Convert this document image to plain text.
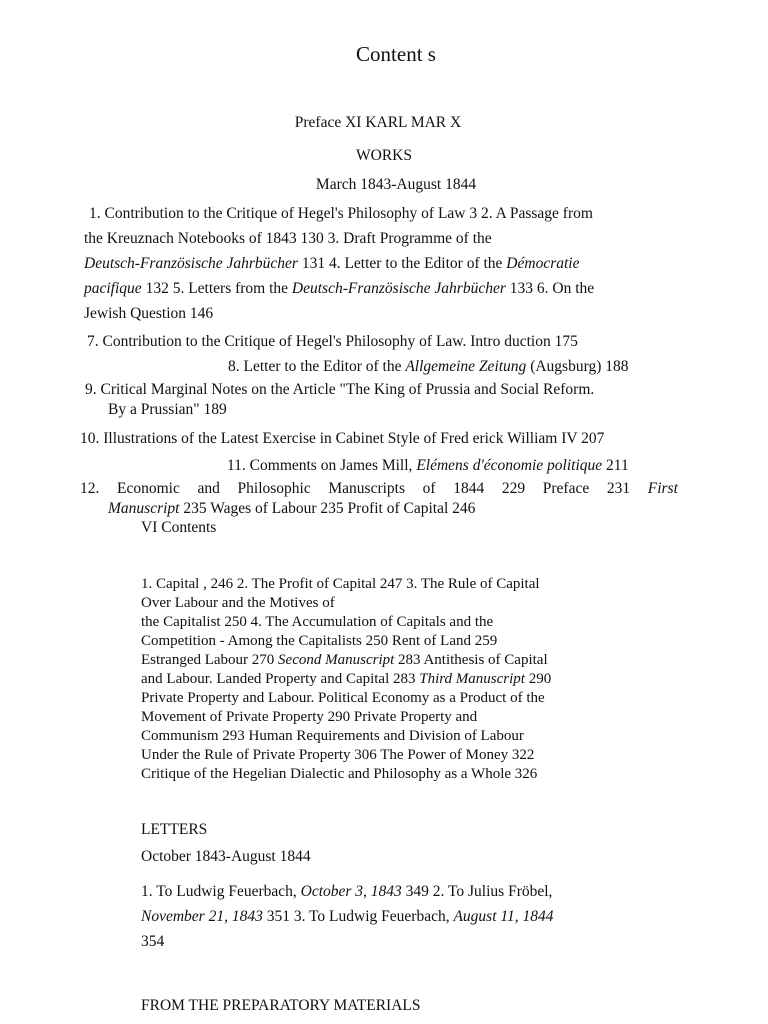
Content s
Preface XI KARL MAR X
WORKS
March 1843-August 1844
1. Contribution to the Critique of Hegel's Philosophy of Law 3 2. A Passage from
the Kreuznach Notebooks of 1843 130 3. Draft Programme of the
Deutsch-Französische Jahrbücher 131 4. Letter to the Editor of the Démocratie
pacifique 132 5. Letters from the Deutsch-Französische Jahrbücher 133 6. On the
Jewish Question 146
7. Contribution to the Critique of Hegel's Philosophy of Law. Intro duction 175
8. Letter to the Editor of the Allgemeine Zeitung (Augsburg) 188
9. Critical Marginal Notes on the Article "The King of Prussia and Social Reform.
By a Prussian" 189
10. Illustrations of the Latest Exercise in Cabinet Style of Fred erick William IV 207
11. Comments on James Mill, Elémens d'économie politique 211
12. Economic and Philosophic Manuscripts of 1844 229 Preface 231 First
Manuscript 235 Wages of Labour 235 Profit of Capital 246
VI Contents
1. Capital , 246 2. The Profit of Capital 247 3. The Rule of Capital
Over Labour and the Motives of
the Capitalist 250 4. The Accumulation of Capitals and the
Competition - Among the Capitalists 250 Rent of Land 259
Estranged Labour 270 Second Manuscript 283 Antithesis of Capital
and Labour. Landed Property and Capital 283 Third Manuscript 290
Private Property and Labour. Political Economy as a Product of the
Movement of Private Property 290 Private Property and
Communism 293 Human Requirements and Division of Labour
Under the Rule of Private Property 306 The Power of Money 322
Critique of the Hegelian Dialectic and Philosophy as a Whole 326
LETTERS
October 1843-August 1844
1. To Ludwig Feuerbach, October 3, 1843 349 2. To Julius Fröbel,
November 21, 1843 351 3. To Ludwig Feuerbach, August 11, 1844
354
FROM THE PREPARATORY MATERIALS
